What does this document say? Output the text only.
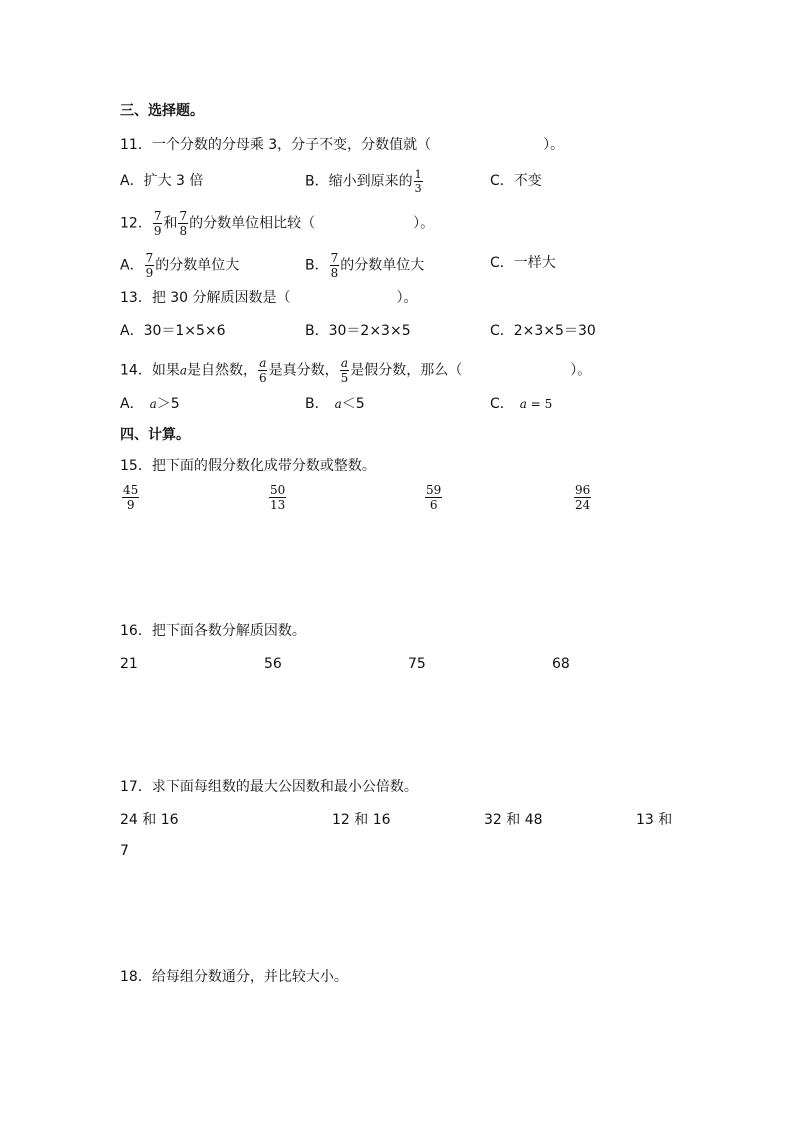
三、选择题。
11．一个分数的分母乘 3，分子不变，分数值就（	）。
A．扩大 3 倍	B．缩小到原来的 $\frac{1}{3}$	C．不变
12． $\frac{7}{9}$ 和 $\frac{7}{8}$ 的分数单位相比较（	）。
A． $\frac{7}{9}$ 的分数单位大	B． $\frac{7}{8}$ 的分数单位大	C．一样大
13．把 30 分解质因数是（	）。
A．30＝1×5×6	B．30＝2×3×5	C．2×3×5＝30
14．如果a是自然数， $\frac{a}{6}$ 是真分数， $\frac{a}{5}$ 是假分数，那么（	）。
A． a＞5	B． a＜5	C． a = 5
四、计算。
15．把下面的假分数化成带分数或整数。
$\frac{45}{9}$	$\frac{50}{13}$	$\frac{59}{6}$	$\frac{96}{24}$
16．把下面各数分解质因数。
21	56	75	68
17．求下面每组数的最大公因数和最小公倍数。
24 和 16	12 和 16	32 和 48	13 和
7
18．给每组分数通分，并比较大小。
